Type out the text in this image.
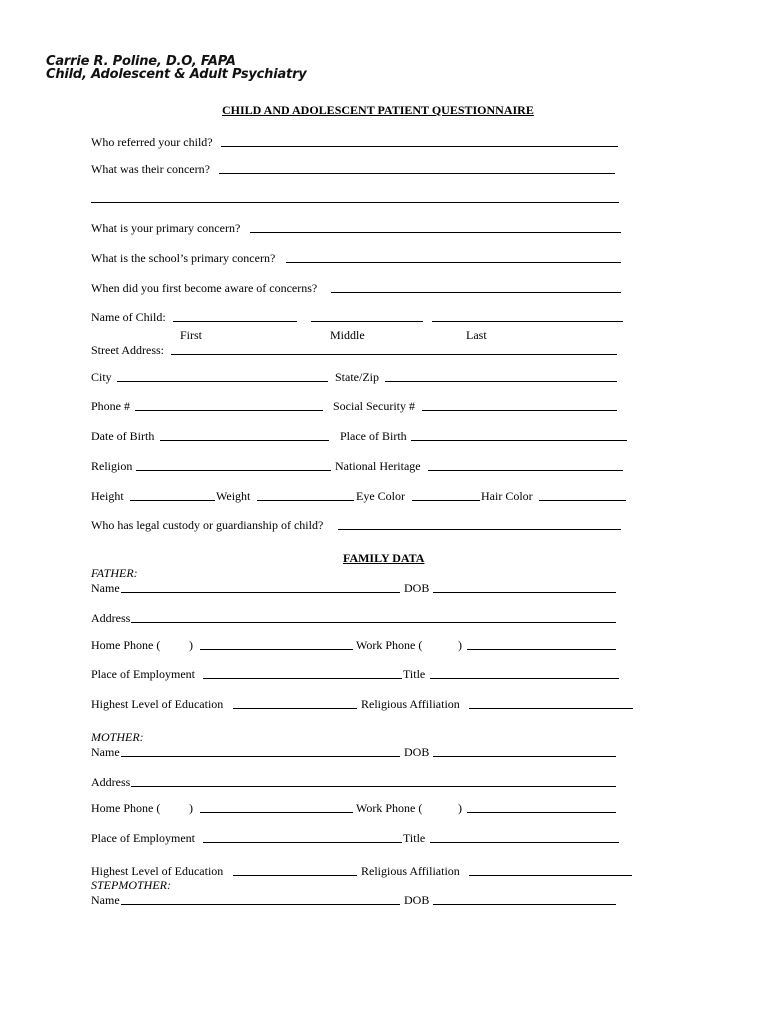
Carrie R. Poline, D.O, FAPA
Child, Adolescent & Adult Psychiatry
CHILD AND ADOLESCENT PATIENT QUESTIONNAIRE
Who referred your child?
What was their concern?
What is your primary concern?
What is the school’s primary concern?
When did you first become aware of concerns?
Name of Child:
First	Middle	Last
Street Address:
City	State/Zip
Phone #	Social Security #
Date of Birth	Place of Birth
Religion	National Heritage
Height	Weight	Eye Color	Hair Color
Who has legal custody or guardianship of child?
FAMILY DATA
FATHER:
Name	DOB
Address
Home Phone ( )	Work Phone (	)
Place of Employment	Title
Highest Level of Education	Religious Affiliation
MOTHER:
Name	DOB
Address
Home Phone ( )	Work Phone (	)
Place of Employment	Title
Highest Level of Education	Religious Affiliation
STEPMOTHER:
Name	DOB
